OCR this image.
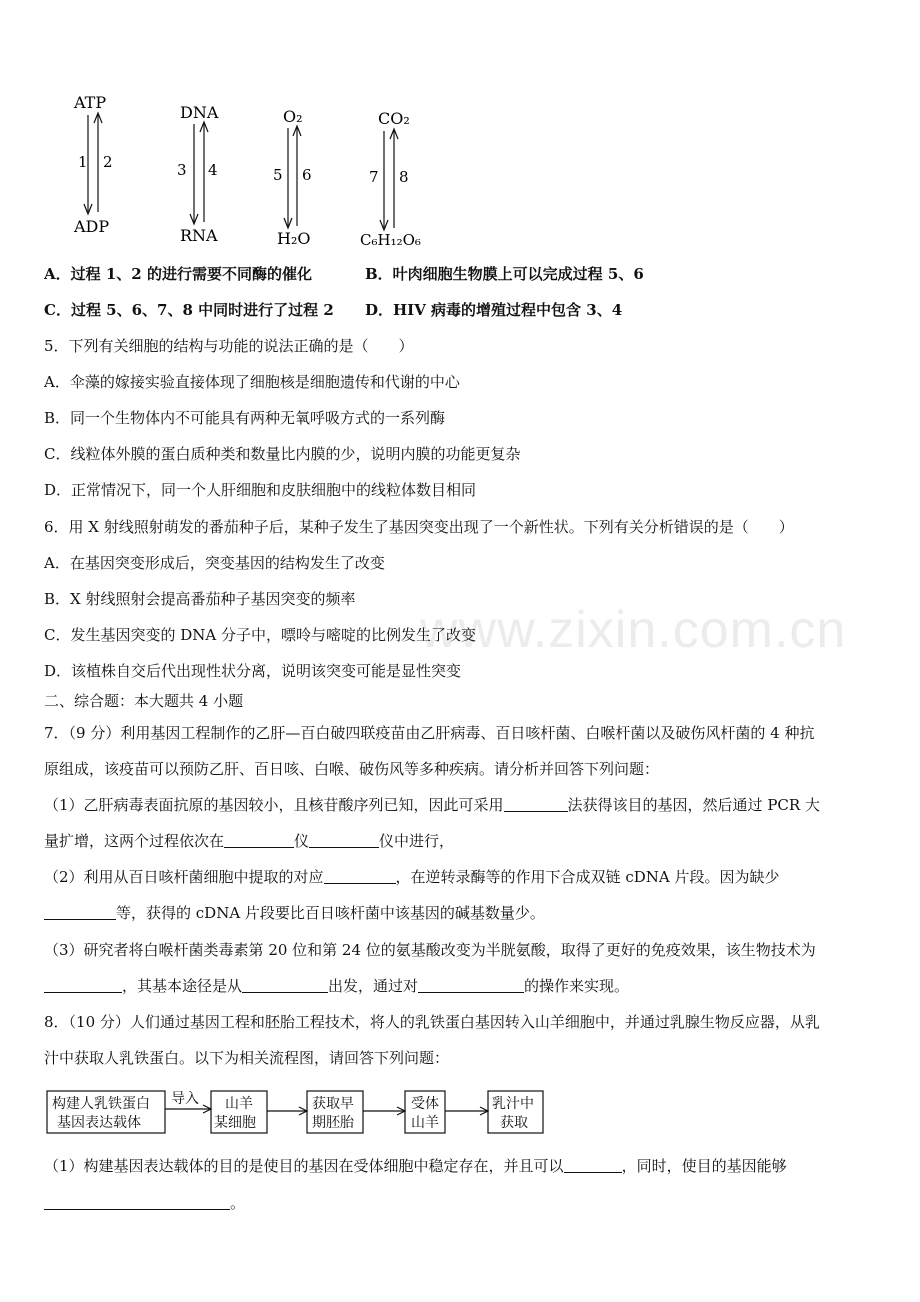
ATP
1 2
ADP
DNA
3 4
RNA
O₂
5 6
H₂O
CO₂
7 8
C₆H₁₂O₆
www.zixin.com.cn
A．过程 1、2 的进行需要不同酶的催化	B．叶肉细胞生物膜上可以完成过程 5、6
C．过程 5、6、7、8 中同时进行了过程 2 D．HIV 病毒的增殖过程中包含 3、4
5．下列有关细胞的结构与功能的说法正确的是（　　）
A．伞藻的嫁接实验直接体现了细胞核是细胞遗传和代谢的中心
B．同一个生物体内不可能具有两种无氧呼吸方式的一系列酶
C．线粒体外膜的蛋白质种类和数量比内膜的少，说明内膜的功能更复杂
D．正常情况下，同一个人肝细胞和皮肤细胞中的线粒体数目相同
6．用 X 射线照射萌发的番茄种子后，某种子发生了基因突变出现了一个新性状。下列有关分析错误的是（　　）
A．在基因突变形成后，突变基因的结构发生了改变
B．X 射线照射会提高番茄种子基因突变的频率
C．发生基因突变的 DNA 分子中，嘌呤与嘧啶的比例发生了改变
D．该植株自交后代出现性状分离，说明该突变可能是显性突变
二、综合题：本大题共 4 小题
7．（9 分）利用基因工程制作的乙肝—百白破四联疫苗由乙肝病毒、百日咳杆菌、白喉杆菌以及破伤风杆菌的 4 种抗
原组成，该疫苗可以预防乙肝、百日咳、白喉、破伤风等多种疾病。请分析并回答下列问题：
（1）乙肝病毒表面抗原的基因较小，且核苷酸序列已知，因此可采用	法获得该目的基因，然后通过 PCR 大
量扩增，这两个过程依次在	仪	仪中进行，
（2）利用从百日咳杆菌细胞中提取的对应	，在逆转录酶等的作用下合成双链 cDNA 片段。因为缺少
等，获得的 cDNA 片段要比百日咳杆菌中该基因的碱基数量少。
（3）研究者将白喉杆菌类毒素第 20 位和第 24 位的氨基酸改变为半胱氨酸，取得了更好的免疫效果，该生物技术为
，其基本途径是从	出发，通过对	的操作来实现。
8．（10 分）人们通过基因工程和胚胎工程技术，将人的乳铁蛋白基因转入山羊细胞中，并通过乳腺生物反应器，从乳
汁中获取人乳铁蛋白。以下为相关流程图，请回答下列问题：
构建人乳铁蛋白
基因表达载体
导入 山羊
某细胞
获取早
期胚胎
受体
山羊
乳汁中
获取
（1）构建基因表达载体的目的是使目的基因在受体细胞中稳定存在，并且可以	，同时，使目的基因能够
。
